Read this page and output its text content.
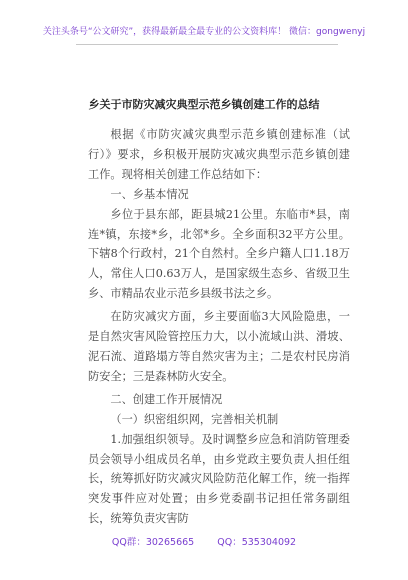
关注头条号“公文研究”，获得最新最全最专业的公文资料库！ 微信：gongwenyj
乡关于市防灾减灾典型示范乡镇创建工作的总结

根据《市防灾减灾典型示范乡镇创建标准（试行）》要求，乡积极开展防灾减灾典型示范乡镇创建工作。现将相关创建工作总结如下：

一、乡基本情况

乡位于县东部，距县城21公里。东临市*县，南连*镇，东接*乡，北邻*乡。全乡面积32平方公里。下辖8个行政村，21个自然村。全乡户籍人口1.18万人，常住人口0.63万人，是国家级生态乡、省级卫生乡、市精品农业示范乡县级书法之乡。

在防灾减灾方面，乡主要面临3大风险隐患，一是自然灾害风险管控压力大，以小流域山洪、滑坡、泥石流、道路塌方等自然灾害为主；二是农村民房消防安全；三是森林防火安全。

二、创建工作开展情况

（一）织密组织网，完善相关机制

1.加强组织领导。及时调整乡应急和消防管理委员会领导小组成员名单，由乡党政主要负责人担任组长，统筹抓好防灾减灾风险防范化解工作，统一指挥突发事件应对处置；由乡党委副书记担任常务副组长，统筹负责灾害防

QQ群：30265665 QQ：535304092
